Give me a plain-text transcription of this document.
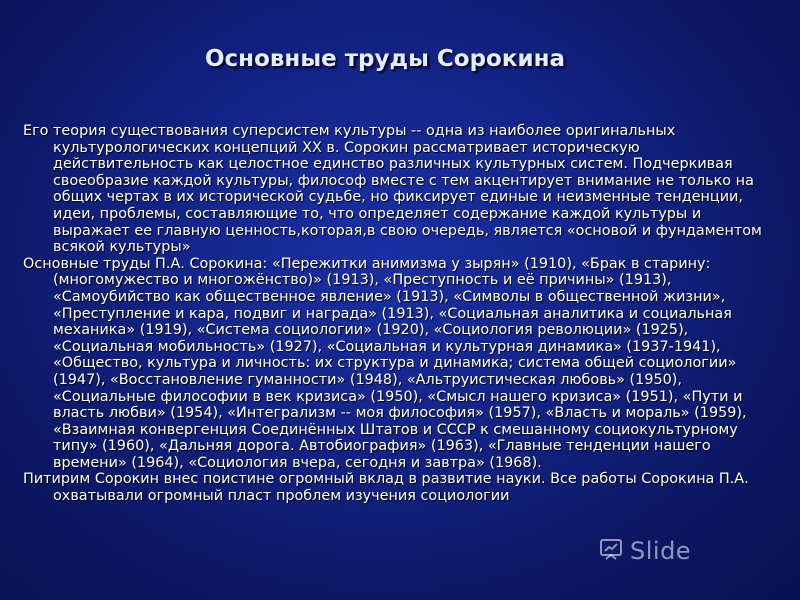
Основные труды Сорокина

Его теория существования суперсистем культуры -- одна из наиболее оригинальных культурологических концепций XX в. Сорокин рассматривает историческую действительность как целостное единство различных культурных систем. Подчеркивая своеобразие каждой культуры, философ вместе с тем акцентирует внимание не только на общих чертах в их исторической судьбе, но фиксирует единые и неизменные тенденции, идеи, проблемы, составляющие то, что определяет содержание каждой культуры и выражает ее главную ценность,которая,в свою очередь, является «основой и фундаментом всякой культуры»

Основные труды П.А. Сорокина: «Пережитки анимизма у зырян» (1910), «Брак в старину: (многомужество и многожёнство)» (1913), «Преступность и её причины» (1913), «Самоубийство как общественное явление» (1913), «Символы в общественной жизни», «Преступление и кара, подвиг и награда» (1913), «Социальная аналитика и социальная механика» (1919), «Система социологии» (1920), «Социология революции» (1925), «Социальная мобильность» (1927), «Социальная и культурная динамика» (1937-1941), «Общество, культура и личность: их структура и динамика; система общей социологии» (1947), «Восстановление гуманности» (1948), «Альтруистическая любовь» (1950), «Социальные философии в век кризиса» (1950), «Смысл нашего кризиса» (1951), «Пути и власть любви» (1954), «Интегрализм -- моя философия» (1957), «Власть и мораль» (1959), «Взаимная конвергенция Соединённых Штатов и СССР к смешанному социокультурному типу» (1960), «Дальняя дорога. Автобиография» (1963), «Главные тенденции нашего времени» (1964), «Социология вчера, сегодня и завтра» (1968).

Питирим Сорокин внес поистине огромный вклад в развитие науки. Все работы Сорокина П.А. охватывали огромный пласт проблем изучения социологии

Slide
